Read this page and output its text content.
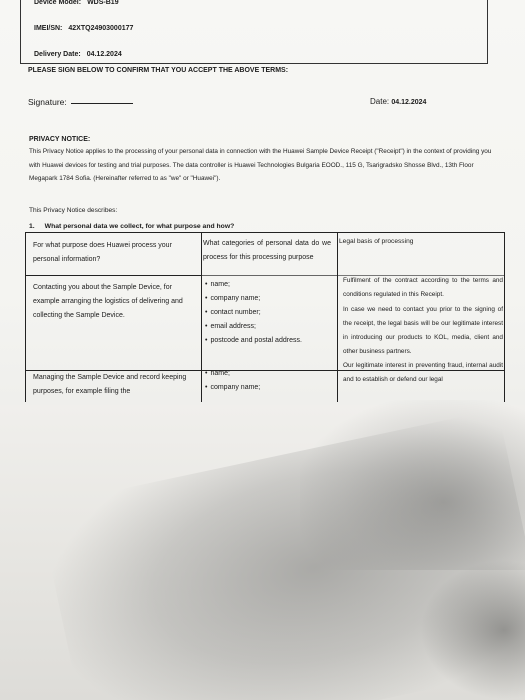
Device Model: WDS-B19
IMEI/SN: 42XTQ24903000177
Delivery Date: 04.12.2024
PLEASE SIGN BELOW TO CONFIRM THAT YOU ACCEPT THE ABOVE TERMS:
Signature:	Date: 04.12.2024
PRIVACY NOTICE:
This Privacy Notice applies to the processing of your personal data in connection with the Huawei Sample Device Receipt ("Receipt") in the context of providing you with Huawei devices for testing and trial purposes. The data controller is Huawei Technologies Bulgaria EOOD., 115 G, Tsarigradsko Shosse Blvd., 13th Floor Megapark 1784 Sofia. (Hereinafter referred to as "we" or "Huawei").
This Privacy Notice describes:
1. What personal data we collect, for what purpose and how?
For what purpose does Huawei process your personal information?
What categories of personal data do we process for this processing purpose
Legal basis of processing
Contacting you about the Sample Device, for example arranging the logistics of delivering and collecting the Sample Device.
• name;
• company name;
• contact number;
• email address;
• postcode and postal address.
Fulfilment of the contract according to the terms and conditions regulated in this Receipt.
In case we need to contact you prior to the signing of the receipt, the legal basis will be our legitimate interest in introducing our products to KOL, media, client and other business partners.
Managing the Sample Device and record keeping purposes, for example filing the
• name;
• company name;
Our legitimate interest in preventing fraud, internal audit and to establish or defend our legal
